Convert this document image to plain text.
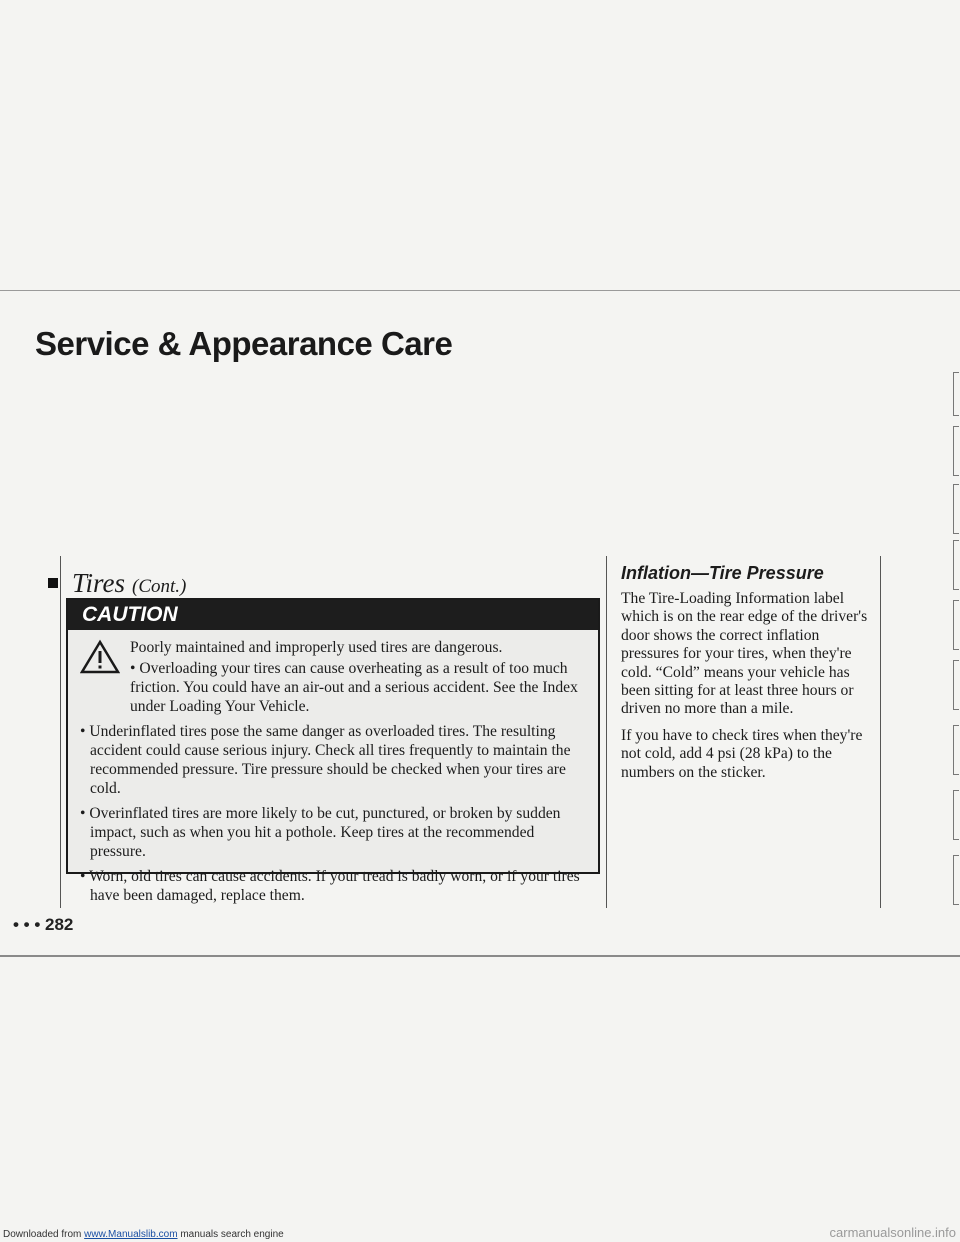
Service & Appearance Care
Tires (Cont.)
CAUTION

Poorly maintained and improperly used tires are dangerous.

• Overloading your tires can cause overheating as a result of too much friction. You could have an air-out and a serious accident. See the Index under Loading Your Vehicle.

• Underinflated tires pose the same danger as overloaded tires. The resulting accident could cause serious injury. Check all tires frequently to maintain the recommended pressure. Tire pressure should be checked when your tires are cold.

• Overinflated tires are more likely to be cut, punctured, or broken by sudden impact, such as when you hit a pothole. Keep tires at the recommended pressure.

• Worn, old tires can cause accidents. If your tread is badly worn, or if your tires have been damaged, replace them.

• • • 282
Inflation—Tire Pressure

The Tire-Loading Information label which is on the rear edge of the driver's door shows the correct inflation pressures for your tires, when they're cold. “Cold” means your vehicle has been sitting for at least three hours or driven no more than a mile.

If you have to check tires when they're not cold, add 4 psi (28 kPa) to the numbers on the sticker.

Downloaded from www.Manualslib.com manuals search engine	carmanualsonline.info
